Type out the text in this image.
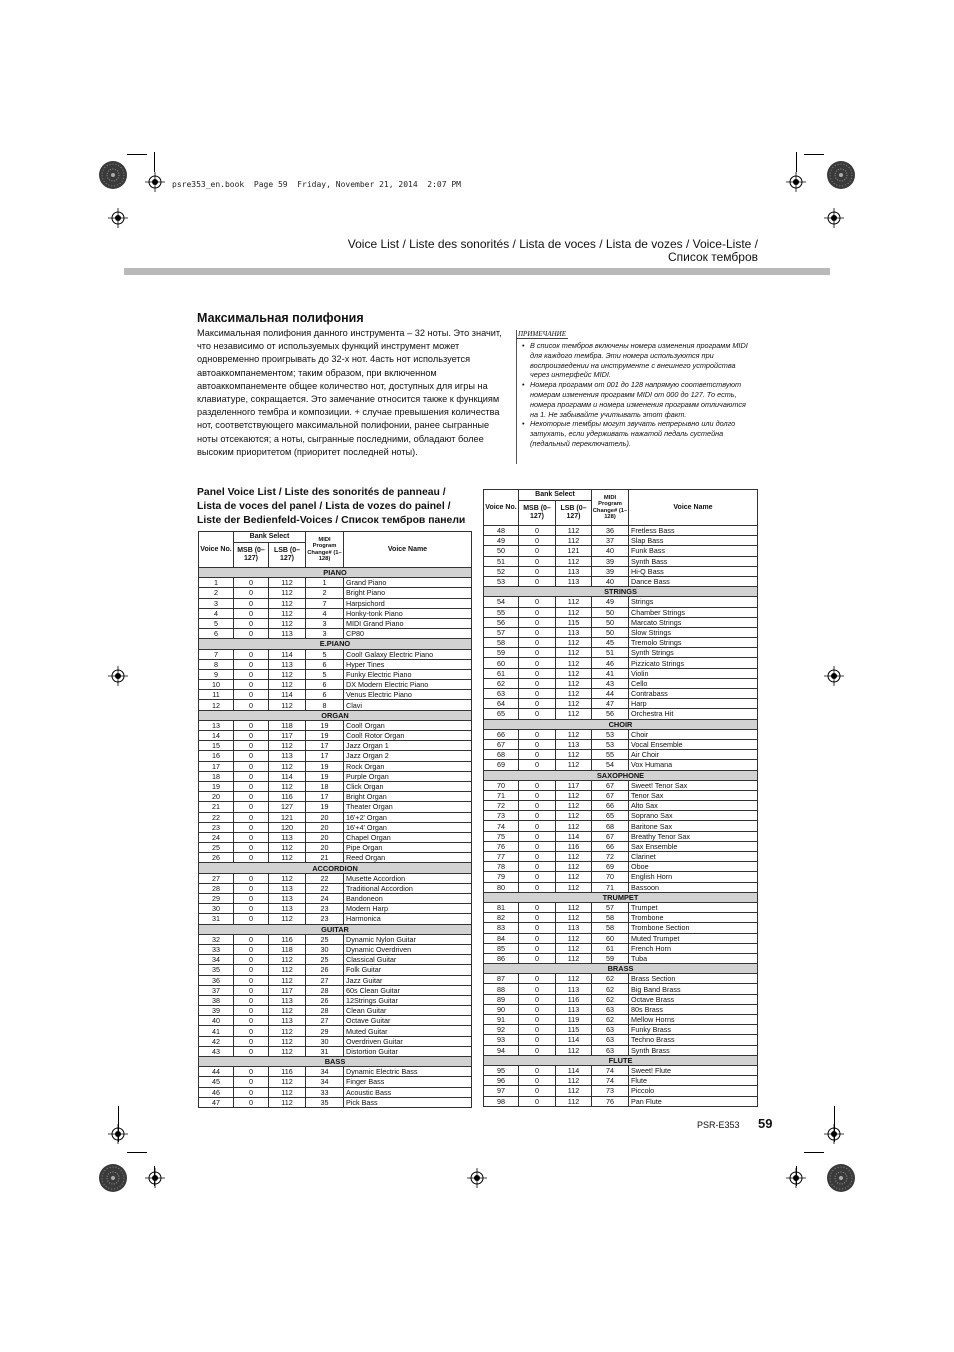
psre353_en.book  Page 59  Friday, November 21, 2014  2:07 PM
Voice List / Liste des sonorités / Lista de voces / Lista de vozes / Voice-Liste /
Список тембров
Максимальная полифония

Максимальная полифония данного инструмента – 32 ноты. Это значит, что независимо от используемых функций инструмент может одновременно проигрывать до 32-х нот. 4асть нот используется автоаккомпанементом; таким образом, при включенном автоаккомпанементе общее количество нот, доступных для игры на клавиатуре, сокращается. Это замечание относится также к функциям разделенного тембра и композиции. + случае превышения количества нот, соответствующего максимальной полифонии, ранее сыгранные ноты отсекаются; а ноты, сыгранные последними, обладают более высоким приоритетом (приоритет последней ноты).

ПРИМЕЧАНИЕ
• В список тембров включены номера изменения программ MIDI для каждого тембра. Эти номера используются при воспроизведении на инструменте с внешнего устройства через интерфейс MIDI.
• Номера программ от 001 до 128 напрямую соответствуют номерам изменения программ MIDI от 000 до 127. То есть, номера программ и номера изменения программ отличаются на 1. Не забывайте учитывать этот факт.
• Некоторые тембры могут звучать непрерывно или долго затухать, если удерживать нажатой педаль сустейна (педальный переключатель).
Panel Voice List / Liste des sonorités de panneau /
Lista de voces del panel / Lista de vozes do painel /
Liste der Bedienfeld-Voices / Список тембров панели
Voice No.	Bank Select		MIDI Program Change# (1–128)	Voice Name
	MSB (0–127)	LSB (0–127)		
PIANO				
1	0	112	1	Grand Piano
2	0	112	2	Bright Piano
3	0	112	7	Harpsichord
4	0	112	4	Honky-tonk Piano
5	0	112	3	MIDI Grand Piano
6	0	113	3	CP80
E.PIANO				
7	0	114	5	Cool! Galaxy Electric Piano
8	0	113	6	Hyper Tines
9	0	112	5	Funky Electric Piano
10	0	112	6	DX Modern Electric Piano
11	0	114	6	Venus Electric Piano
12	0	112	8	Clavi
ORGAN				
13	0	118	19	Cool! Organ
14	0	117	19	Cool! Rotor Organ
15	0	112	17	Jazz Organ 1
16	0	113	17	Jazz Organ 2
17	0	112	19	Rock Organ
18	0	114	19	Purple Organ
19	0	112	18	Click Organ
20	0	116	17	Bright Organ
21	0	127	19	Theater Organ
22	0	121	20	16'+2' Organ
23	0	120	20	16'+4' Organ
24	0	113	20	Chapel Organ
25	0	112	20	Pipe Organ
26	0	112	21	Reed Organ
ACCORDION				
27	0	112	22	Musette Accordion
28	0	113	22	Traditional Accordion
29	0	113	24	Bandoneon
30	0	113	23	Modern Harp
31	0	112	23	Harmonica
GUITAR				
32	0	116	25	Dynamic Nylon Guitar
33	0	118	30	Dynamic Overdriven
34	0	112	25	Classical Guitar
35	0	112	26	Folk Guitar
36	0	112	27	Jazz Guitar
37	0	117	28	60s Clean Guitar
38	0	113	26	12Strings Guitar
39	0	112	28	Clean Guitar
40	0	113	27	Octave Guitar
41	0	112	29	Muted Guitar
42	0	112	30	Overdriven Guitar
43	0	112	31	Distortion Guitar
BASS				
44	0	116	34	Dynamic Electric Bass
45	0	112	34	Finger Bass
46	0	112	33	Acoustic Bass
47	0	112	35	Pick Bass
Voice No.	Bank Select		MIDI Program Change# (1–128)	Voice Name
	MSB (0–127)	LSB (0–127)		
48	0	112	36	Fretless Bass
49	0	112	37	Slap Bass
50	0	121	40	Funk Bass
51	0	112	39	Synth Bass
52	0	113	39	Hi-Q Bass
53	0	113	40	Dance Bass
STRINGS				
54	0	112	49	Strings
55	0	112	50	Chamber Strings
56	0	115	50	Marcato Strings
57	0	113	50	Slow Strings
58	0	112	45	Tremolo Strings
59	0	112	51	Synth Strings
60	0	112	46	Pizzicato Strings
61	0	112	41	Violin
62	0	112	43	Cello
63	0	112	44	Contrabass
64	0	112	47	Harp
65	0	112	56	Orchestra Hit
CHOIR				
66	0	112	53	Choir
67	0	113	53	Vocal Ensemble
68	0	112	55	Air Choir
69	0	112	54	Vox Humana
SAXOPHONE				
70	0	117	67	Sweet! Tenor Sax
71	0	112	67	Tenor Sax
72	0	112	66	Alto Sax
73	0	112	65	Soprano Sax
74	0	112	68	Baritone Sax
75	0	114	67	Breathy Tenor Sax
76	0	116	66	Sax Ensemble
77	0	112	72	Clarinet
78	0	112	69	Oboe
79	0	112	70	English Horn
80	0	112	71	Bassoon
TRUMPET				
81	0	112	57	Trumpet
82	0	112	58	Trombone
83	0	113	58	Trombone Section
84	0	112	60	Muted Trumpet
85	0	112	61	French Horn
86	0	112	59	Tuba
BRASS				
87	0	112	62	Brass Section
88	0	113	62	Big Band Brass
89	0	116	62	Octave Brass
90	0	113	63	80s Brass
91	0	119	62	Mellow Horns
92	0	115	63	Funky Brass
93	0	114	63	Techno Brass
94	0	112	63	Synth Brass
FLUTE				
95	0	114	74	Sweet! Flute
96	0	112	74	Flute
97	0	112	73	Piccolo
98	0	112	76	Pan Flute
PSR-E353 59
